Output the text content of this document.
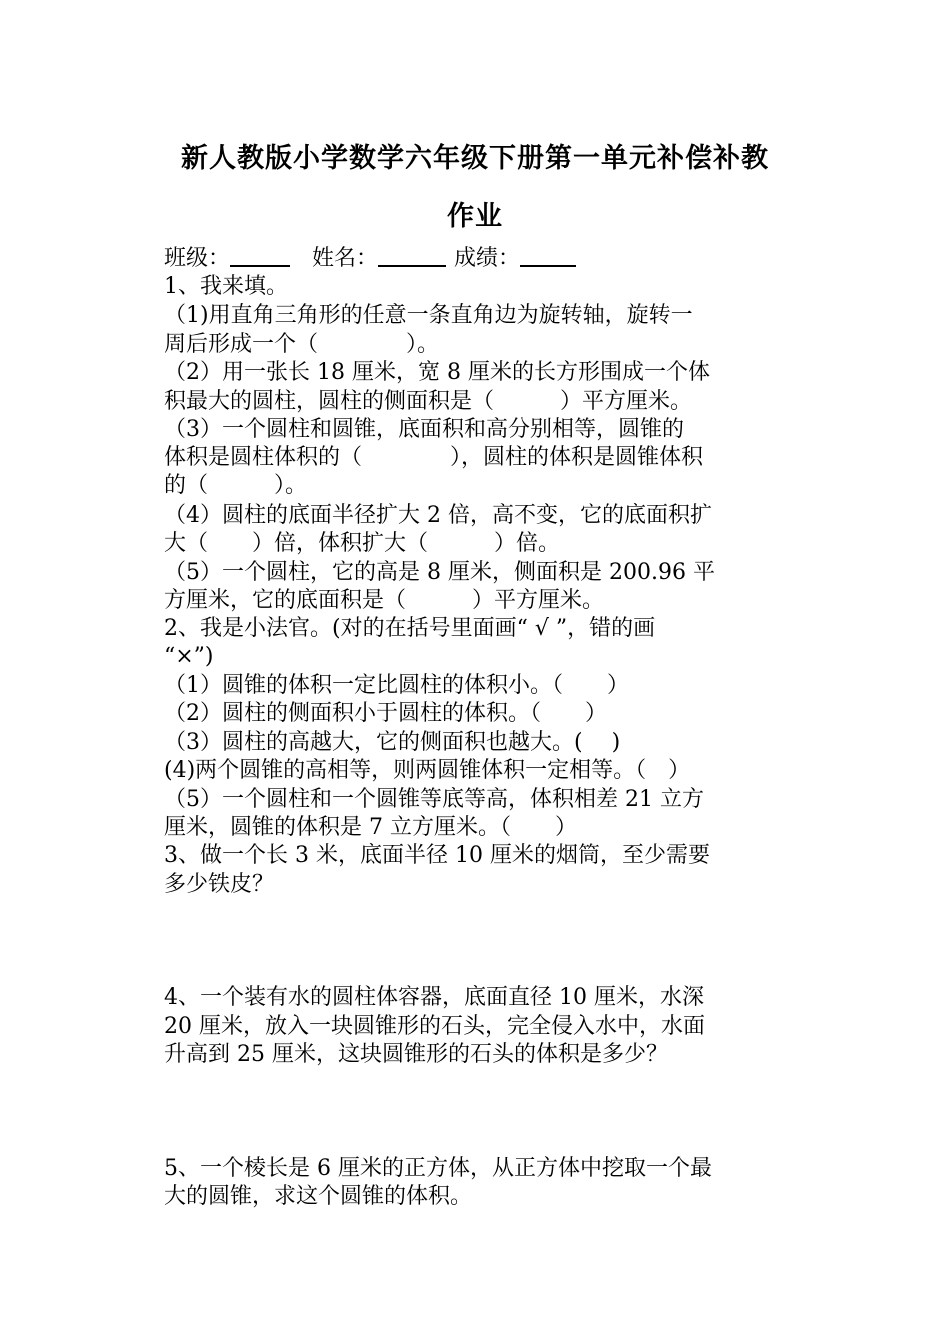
新人教版小学数学六年级下册第一单元补偿补教
作业
班级：	姓名：	成绩：
1、我来填。
（1)用直角三角形的任意一条直角边为旋转轴，旋转一
周后形成一个（　　　　）。
（2）用一张长 18 厘米，宽 8 厘米的长方形围成一个体
积最大的圆柱，圆柱的侧面积是（　　　）平方厘米。
（3）一个圆柱和圆锥，底面积和高分别相等，圆锥的
体积是圆柱体积的（　　　　），圆柱的体积是圆锥体积
的（　　　）。
（4）圆柱的底面半径扩大 2 倍，高不变，它的底面积扩
大（　　）倍，体积扩大（　　　）倍。
（5）一个圆柱，它的高是 8 厘米，侧面积是 200.96 平
方厘米，它的底面积是（　　　）平方厘米。
2、我是小法官。(对的在括号里面画“ √ ”，错的画
“×”)
（1）圆锥的体积一定比圆柱的体积小。（　　）
（2）圆柱的侧面积小于圆柱的体积。（　　）
（3）圆柱的高越大，它的侧面积也越大。(　 )
(4)两个圆锥的高相等，则两圆锥体积一定相等。（　）
（5）一个圆柱和一个圆锥等底等高，体积相差 21 立方
厘米，圆锥的体积是 7 立方厘米。（　　）
3、做一个长 3 米，底面半径 10 厘米的烟筒，至少需要
多少铁皮？
4、一个装有水的圆柱体容器，底面直径 10 厘米，水深
20 厘米，放入一块圆锥形的石头，完全侵入水中，水面
升高到 25 厘米，这块圆锥形的石头的体积是多少？
5、一个棱长是 6 厘米的正方体，从正方体中挖取一个最
大的圆锥，求这个圆锥的体积。
